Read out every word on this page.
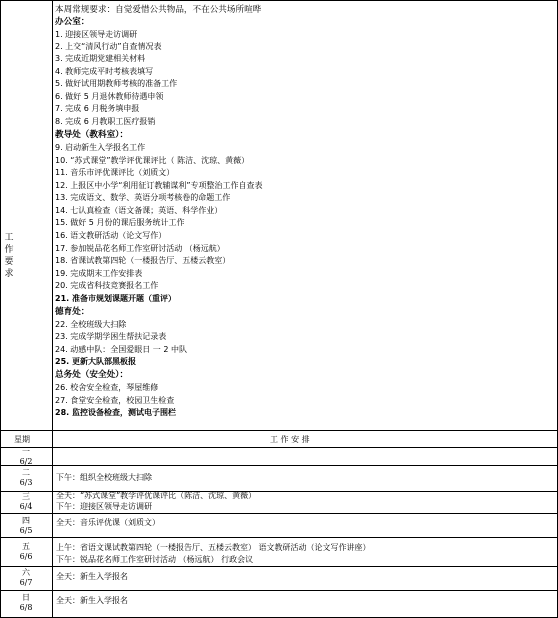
工
作
要
求
本周常规要求：自觉爱惜公共物品，不在公共场所喧哗
办公室：
1. 迎接区领导走访调研
2. 上交“清风行动”自查情况表
3. 完成近期党建相关材料
4. 教师完成平时考核表填写
5. 做好试用期教师考核的准备工作
6. 做好 5 月退休教师待遇申领
7. 完成 6 月税务填申报
8. 完成 6 月教职工医疗报销
教导处（教科室）：
9. 启动新生入学报名工作
10. “苏式课堂”教学评优课评比（ 陈洁、沈琼、黄薇）
11. 音乐市评优课评比（刘质文）
12. 上报区中小学“利用征订教辅谋利”专项整治工作自查表
13. 完成语文、数学、英语分项考核卷的命题工作
14. 七认真检查（语文备课；英语、科学作业）
15. 做好 5 月份的课后服务统计工作
16. 语文教研活动（论文写作）
17. 参加锐品花名师工作室研讨活动 （杨远航）
18. 省课试教第四轮（一楼报告厅、五楼云教室）
19. 完成期末工作安排表
20. 完成省科技竞赛报名工作
21. 准备市规划课题开题（重评）
德育处：
22. 全校班级大扫除
23. 完成学期学困生帮扶记录表
24. 动感中队：全国爱眼日 一 2 中队
25. 更新大队部黑板报
总务处（安全处）：
26. 校舍安全检查，琴屋维修
27. 食堂安全检查，校园卫生检查
28. 监控设备检查，测试电子围栏
星期	工 作 安 排
一
6/2
二
6/3
下午：组织全校班级大扫除
三
6/4
全天：“苏式课堂”教学评优课评比（陈洁、沈琼、黄薇）
下午：迎接区领导走访调研
四
6/5
全天：音乐评优课（刘质文）
五
6/6
上午：省语文课试教第四轮（一楼报告厅、五楼云教室） 语文教研活动（论文写作讲座）
下午：锐品花名师工作室研讨活动 （杨远航） 行政会议
六
6/7
全天：新生入学报名
日
6/8
全天：新生入学报名
